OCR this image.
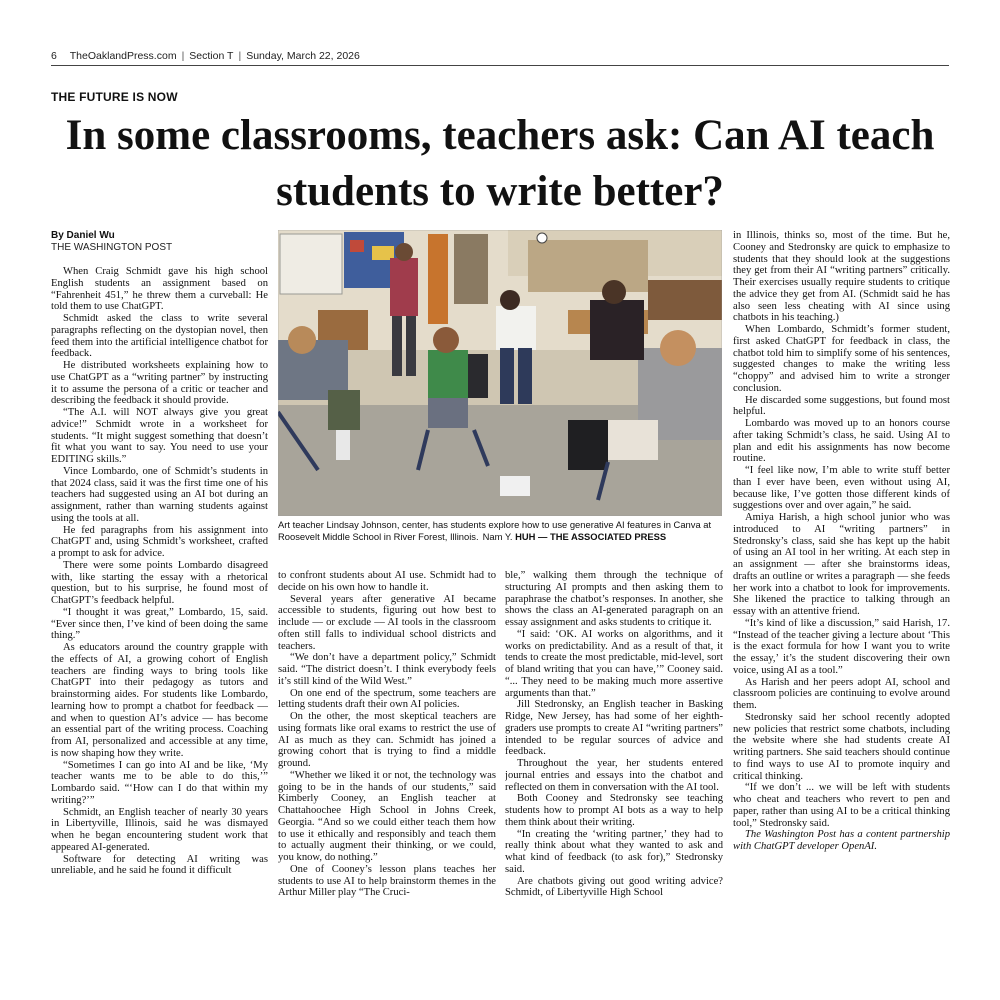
6 TheOaklandPress.com | Section T | Sunday, March 22, 2026
THE FUTURE IS NOW
In some classrooms, teachers ask: Can AI teach students to write better?
By Daniel Wu
THE WASHINGTON POST

When Craig Schmidt gave his high school English students an assignment based on “Fahrenheit 451,” he threw them a curveball: He told them to use ChatGPT.

Schmidt asked the class to write several paragraphs reflecting on the dystopian novel, then feed them into the artificial intelligence chatbot for feedback.

He distributed worksheets explaining how to use ChatGPT as a “writing partner” by instructing it to assume the persona of a critic or teacher and describing the feedback it should provide.

“The A.I. will NOT always give you great advice!” Schmidt wrote in a worksheet for students. “It might suggest something that doesn’t fit what you want to say. You need to use your EDITING skills.”

Vince Lombardo, one of Schmidt’s students in that 2024 class, said it was the first time one of his teachers had suggested using an AI bot during an assignment, rather than warning students against using the tools at all.

He fed paragraphs from his assignment into ChatGPT and, using Schmidt’s worksheet, crafted a prompt to ask for advice.

There were some points Lombardo disagreed with, like starting the essay with a rhetorical question, but to his surprise, he found most of ChatGPT’s feedback helpful.

“I thought it was great,” Lombardo, 15, said. “Ever since then, I’ve kind of been doing the same thing.”

As educators around the country grapple with the effects of AI, a growing cohort of English teachers are finding ways to bring tools like ChatGPT into their pedagogy as tutors and brainstorming aides. For students like Lombardo, learning how to prompt a chatbot for feedback — and when to question AI’s advice — has become an essential part of the writing process. Coaching from AI, personalized and accessible at any time, is now shaping how they write.

“Sometimes I can go into AI and be like, ‘My teacher wants me to be able to do this,’” Lombardo said. “‘How can I do that within my writing?’”

Schmidt, an English teacher of nearly 30 years in Libertyville, Illinois, said he was dismayed when he began encountering student work that appeared AI-generated.

Software for detecting AI writing was unreliable, and he said he found it difficult

Art teacher Lindsay Johnson, center, has students explore how to use generative AI features in Canva at Roosevelt Middle School in River Forest, Illinois. Nam Y. HUH — THE ASSOCIATED PRESS

to confront students about AI use. Schmidt had to decide on his own how to handle it.

Several years after generative AI became accessible to students, figuring out how best to include — or exclude — AI tools in the classroom often still falls to individual school districts and teachers.

“We don’t have a department policy,” Schmidt said. “The district doesn’t. I think everybody feels it’s still kind of the Wild West.”

On one end of the spectrum, some teachers are letting students draft their own AI policies.

On the other, the most skeptical teachers are using formats like oral exams to restrict the use of AI as much as they can. Schmidt has joined a growing cohort that is trying to find a middle ground.

“Whether we liked it or not, the technology was going to be in the hands of our students,” said Kimberly Cooney, an English teacher at Chattahoochee High School in Johns Creek, Georgia. “And so we could either teach them how to use it ethically and responsibly and teach them to actually augment their thinking, or we could, you know, do nothing.”

One of Cooney’s lesson plans teaches her students to use AI to help brainstorm themes in the Arthur Miller play “The Cruci-

ble,” walking them through the technique of structuring AI prompts and then asking them to paraphrase the chatbot’s responses. In another, she shows the class an AI-generated paragraph on an essay assignment and asks students to critique it.

“I said: ‘OK. AI works on algorithms, and it works on predictability. And as a result of that, it tends to create the most predictable, mid-level, sort of bland writing that you can have,’” Cooney said. “... They need to be making much more assertive arguments than that.”

Jill Stedronsky, an English teacher in Basking Ridge, New Jersey, has had some of her eighth-graders use prompts to create AI “writing partners” intended to be regular sources of advice and feedback.

Throughout the year, her students entered journal entries and essays into the chatbot and reflected on them in conversation with the AI tool.

Both Cooney and Stedronsky see teaching students how to prompt AI bots as a way to help them think about their writing.

“In creating the ‘writing partner,’ they had to really think about what they wanted to ask and what kind of feedback (to ask for),” Stedronsky said.

Are chatbots giving out good writing advice? Schmidt, of Libertyville High School

in Illinois, thinks so, most of the time. But he, Cooney and Stedronsky are quick to emphasize to students that they should look at the suggestions they get from their AI “writing partners” critically. Their exercises usually require students to critique the advice they get from AI. (Schmidt said he has also seen less cheating with AI since using chatbots in his teaching.)

When Lombardo, Schmidt’s former student, first asked ChatGPT for feedback in class, the chatbot told him to simplify some of his sentences, suggested changes to make the writing less “choppy” and advised him to write a stronger conclusion.

He discarded some suggestions, but found most helpful.

Lombardo was moved up to an honors course after taking Schmidt’s class, he said. Using AI to plan and edit his assignments has now become routine.

“I feel like now, I’m able to write stuff better than I ever have been, even without using AI, because like, I’ve gotten those different kinds of suggestions over and over again,” he said.

Amiya Harish, a high school junior who was introduced to AI “writing partners” in Stedronsky’s class, said she has kept up the habit of using an AI tool in her writing. At each step in an assignment — after she brainstorms ideas, drafts an outline or writes a paragraph — she feeds her work into a chatbot to look for improvements. She likened the practice to talking through an essay with an attentive friend.

“It’s kind of like a discussion,” said Harish, 17. “Instead of the teacher giving a lecture about ‘This is the exact formula for how I want you to write the essay,’ it’s the student discovering their own voice, using AI as a tool.”

As Harish and her peers adopt AI, school and classroom policies are continuing to evolve around them.

Stedronsky said her school recently adopted new policies that restrict some chatbots, including the website where she had students create AI writing partners. She said teachers should continue to find ways to use AI to promote inquiry and critical thinking.

“If we don’t ... we will be left with students who cheat and teachers who revert to pen and paper, rather than using AI to be a critical thinking tool,” Stedronsky said.

The Washington Post has a content partnership with ChatGPT developer OpenAI.
